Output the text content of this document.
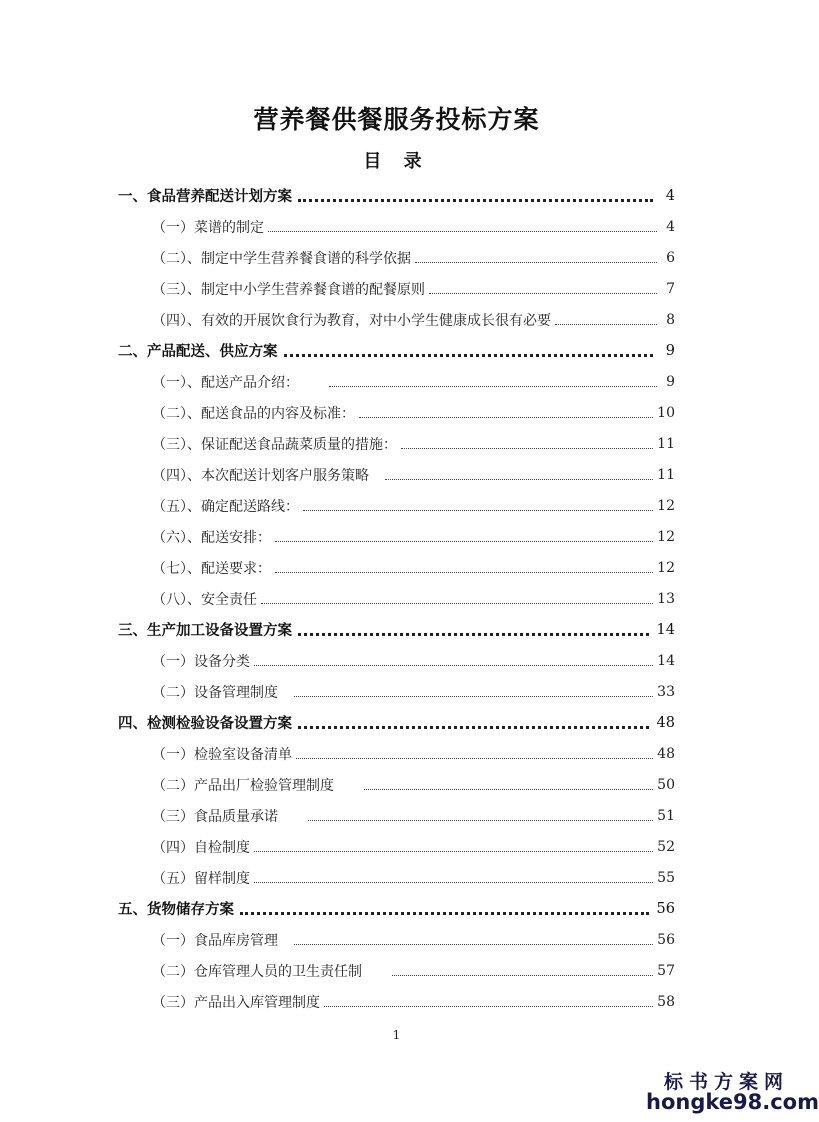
营养餐供餐服务投标方案
目 录
一、食品营养配送计划方案	4
（一）菜谱的制定	4
（二）、制定中学生营养餐食谱的科学依据	6
（三）、制定中小学生营养餐食谱的配餐原则	7
（四）、有效的开展饮食行为教育，对中小学生健康成长很有必要	8
二、产品配送、供应方案	9
（一）、配送产品介绍：	9
（二）、配送食品的内容及标准：	10
（三）、保证配送食品蔬菜质量的措施：	11
（四）、本次配送计划客户服务策略	11
（五）、确定配送路线：	12
（六）、配送安排：	12
（七）、配送要求：	12
（八）、安全责任	13
三、生产加工设备设置方案	14
（一）设备分类	14
（二）设备管理制度	33
四、检测检验设备设置方案	48
（一）检验室设备清单	48
（二）产品出厂检验管理制度	50
（三）食品质量承诺	51
（四）自检制度	52
（五）留样制度	55
五、货物储存方案	56
（一）食品库房管理	56
（二）仓库管理人员的卫生责任制	57
（三）产品出入库管理制度	58
1
标书方案网
hongke98.com
